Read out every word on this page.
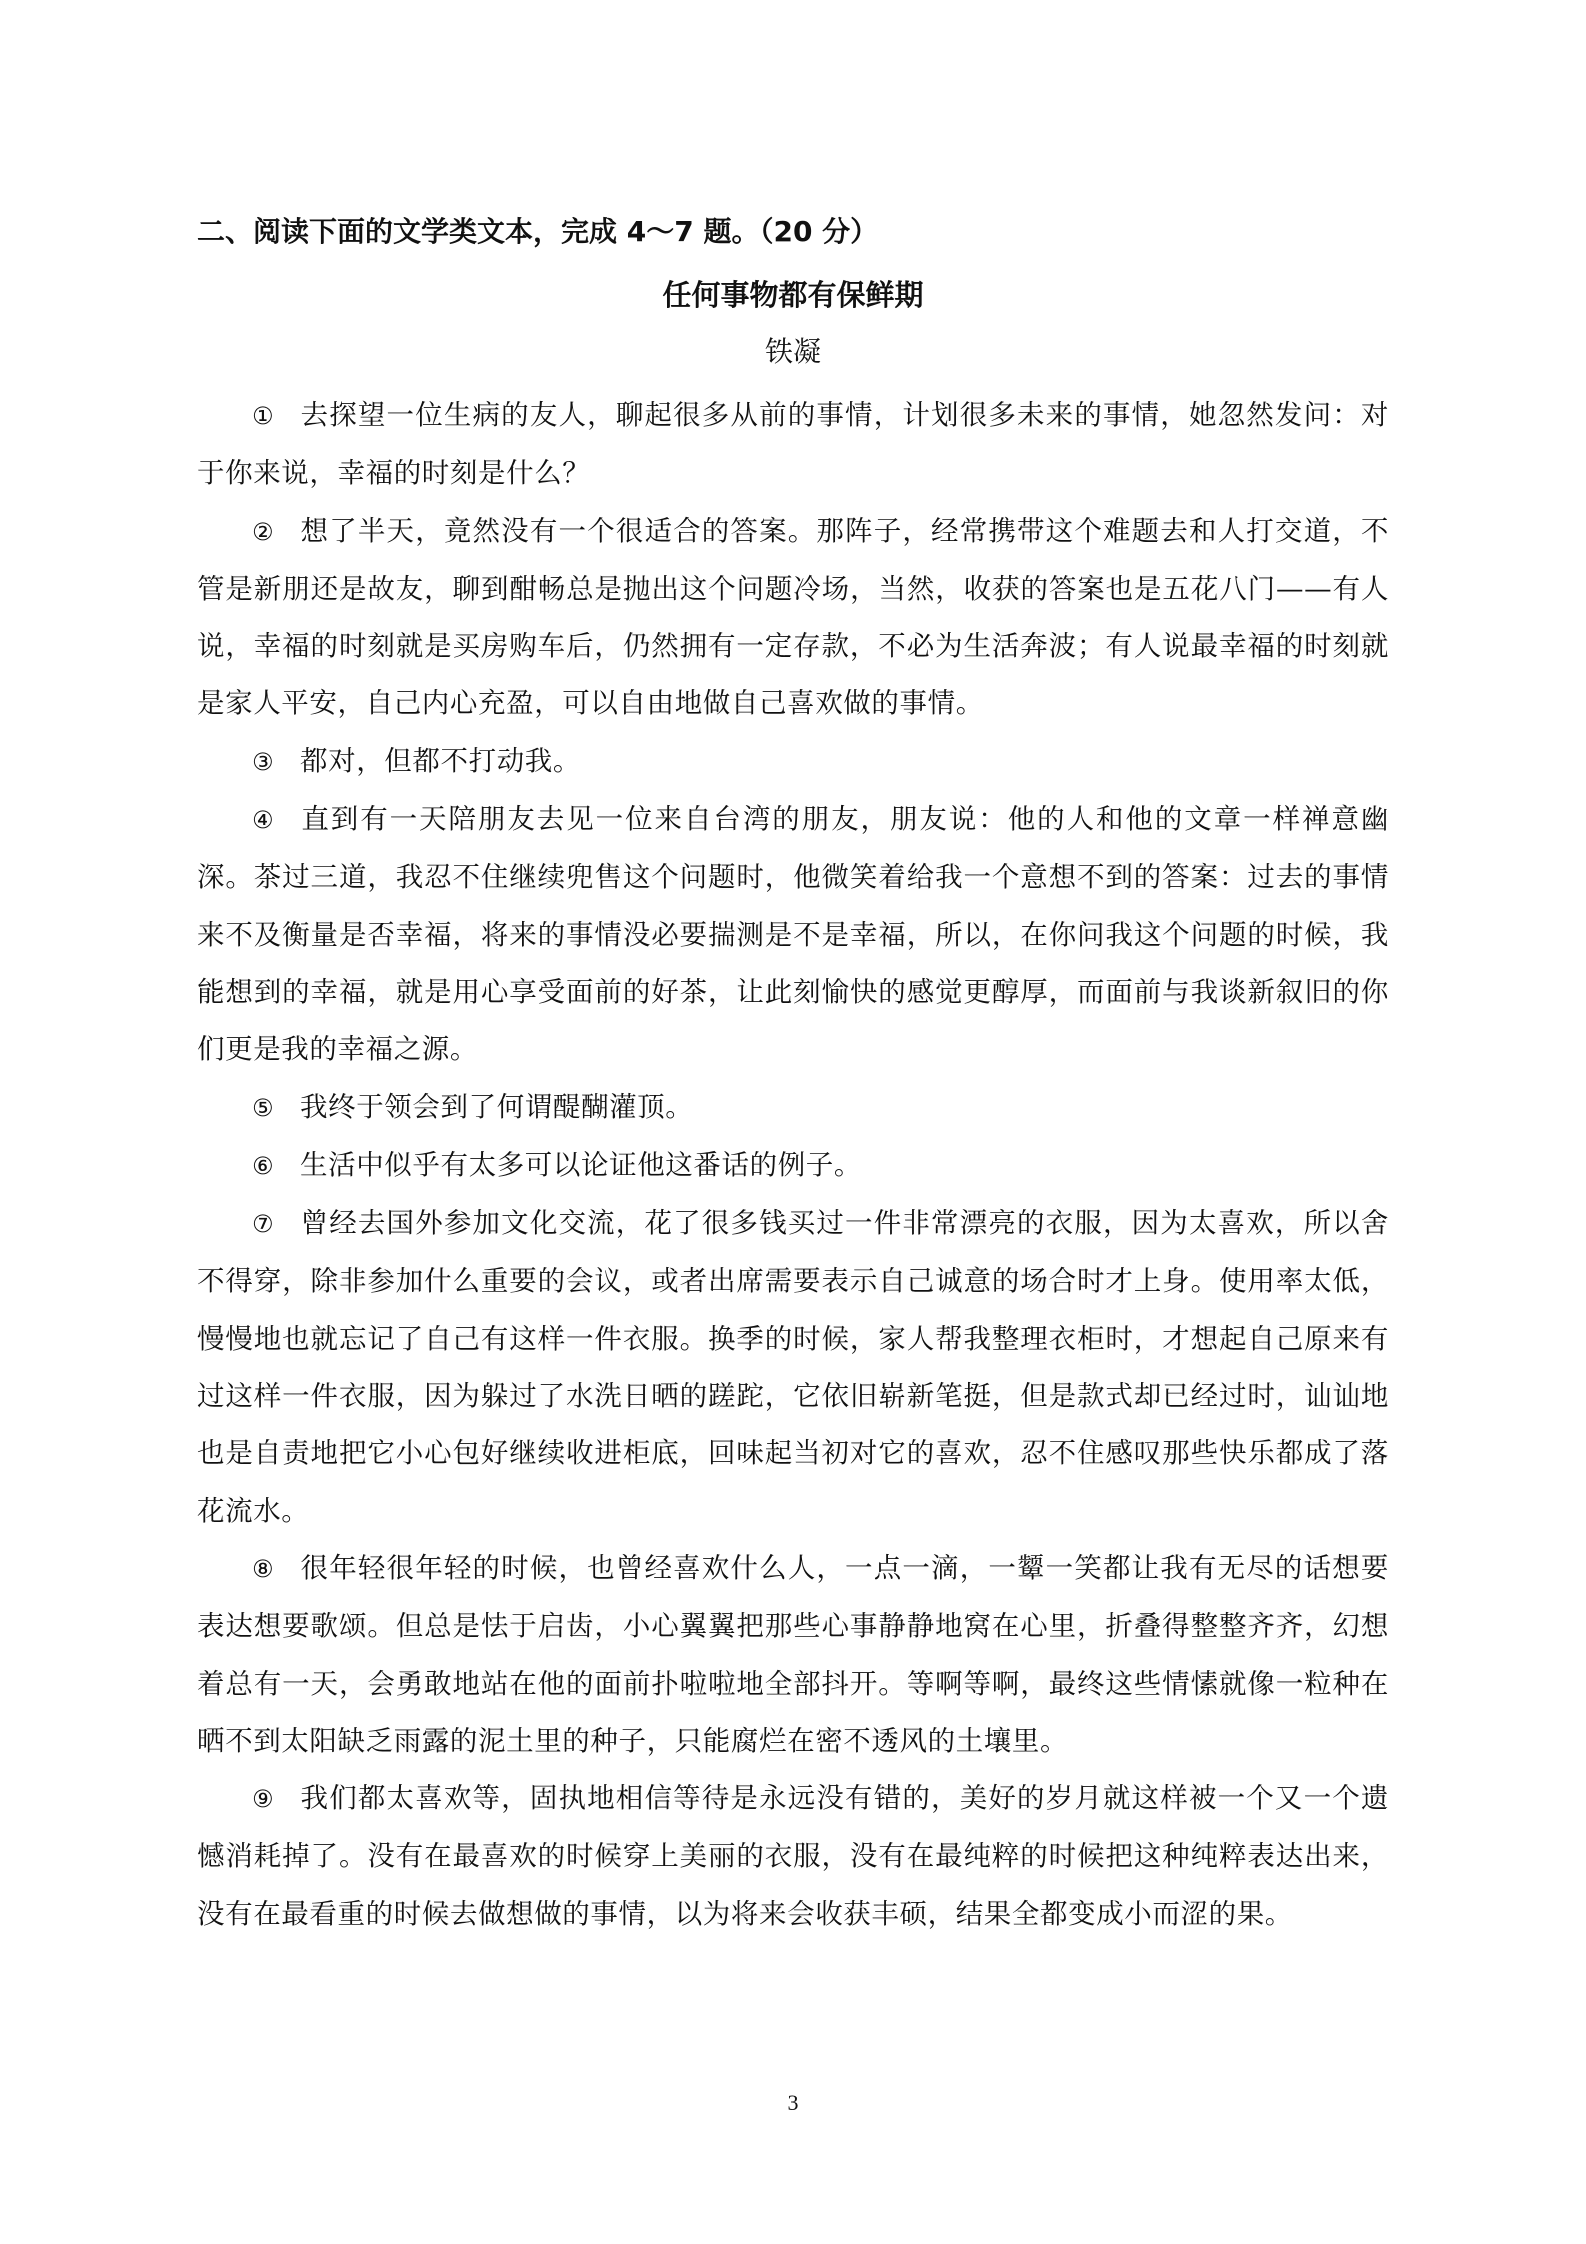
二、阅读下面的文学类文本，完成 4～7 题。（20 分）
任何事物都有保鲜期
铁凝

① 去探望一位生病的友人，聊起很多从前的事情，计划很多未来的事情，她忽然发问：对于你来说，幸福的时刻是什么？

② 想了半天，竟然没有一个很适合的答案。那阵子，经常携带这个难题去和人打交道，不管是新朋还是故友，聊到酣畅总是抛出这个问题冷场，当然，收获的答案也是五花八门——有人说，幸福的时刻就是买房购车后，仍然拥有一定存款，不必为生活奔波；有人说最幸福的时刻就是家人平安，自己内心充盈，可以自由地做自己喜欢做的事情。

③ 都对，但都不打动我。

④ 直到有一天陪朋友去见一位来自台湾的朋友，朋友说：他的人和他的文章一样禅意幽深。茶过三道，我忍不住继续兜售这个问题时，他微笑着给我一个意想不到的答案：过去的事情来不及衡量是否幸福，将来的事情没必要揣测是不是幸福，所以，在你问我这个问题的时候，我能想到的幸福，就是用心享受面前的好茶，让此刻愉快的感觉更醇厚，而面前与我谈新叙旧的你们更是我的幸福之源。

⑤ 我终于领会到了何谓醍醐灌顶。

⑥ 生活中似乎有太多可以论证他这番话的例子。

⑦ 曾经去国外参加文化交流，花了很多钱买过一件非常漂亮的衣服，因为太喜欢，所以舍不得穿，除非参加什么重要的会议，或者出席需要表示自己诚意的场合时才上身。使用率太低，慢慢地也就忘记了自己有这样一件衣服。换季的时候，家人帮我整理衣柜时，才想起自己原来有过这样一件衣服，因为躲过了水洗日晒的蹉跎，它依旧崭新笔挺，但是款式却已经过时，讪讪地也是自责地把它小心包好继续收进柜底，回味起当初对它的喜欢，忍不住感叹那些快乐都成了落花流水。

⑧ 很年轻很年轻的时候，也曾经喜欢什么人，一点一滴，一颦一笑都让我有无尽的话想要表达想要歌颂。但总是怯于启齿，小心翼翼把那些心事静静地窝在心里，折叠得整整齐齐，幻想着总有一天，会勇敢地站在他的面前扑啦啦地全部抖开。等啊等啊，最终这些情愫就像一粒种在晒不到太阳缺乏雨露的泥土里的种子，只能腐烂在密不透风的土壤里。

⑨ 我们都太喜欢等，固执地相信等待是永远没有错的，美好的岁月就这样被一个又一个遗憾消耗掉了。没有在最喜欢的时候穿上美丽的衣服，没有在最纯粹的时候把这种纯粹表达出来，没有在最看重的时候去做想做的事情，以为将来会收获丰硕，结果全都变成小而涩的果。

3
